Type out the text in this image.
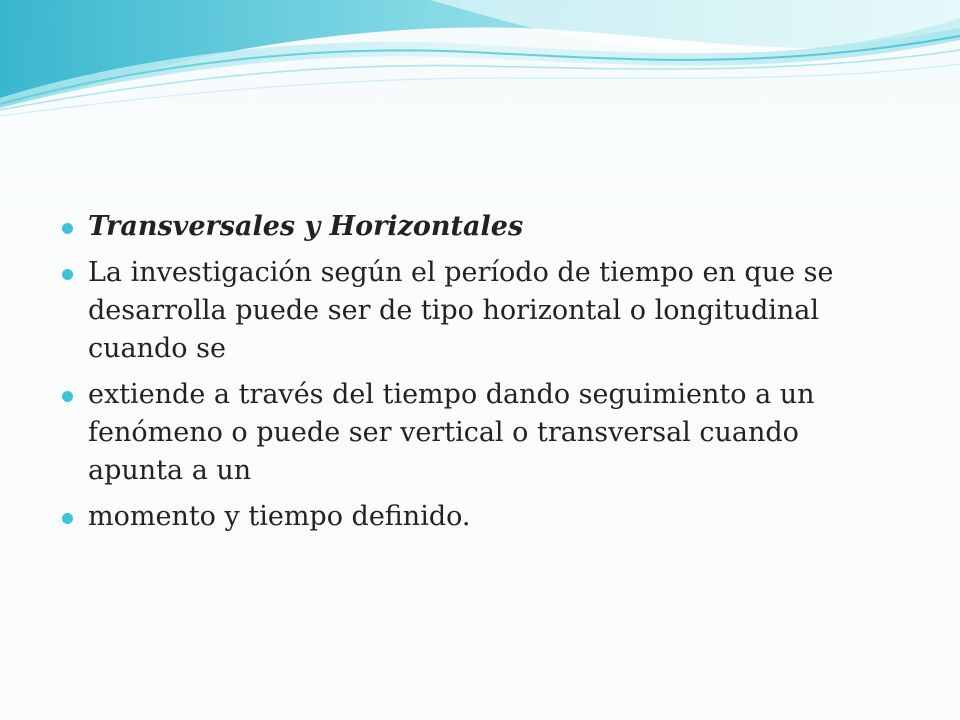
Transversales y Horizontales
La investigación según el período de tiempo en que se desarrolla puede ser de tipo horizontal o longitudinal cuando se
extiende a través del tiempo dando seguimiento a un fenómeno o puede ser vertical o transversal cuando apunta a un
momento y tiempo definido.
